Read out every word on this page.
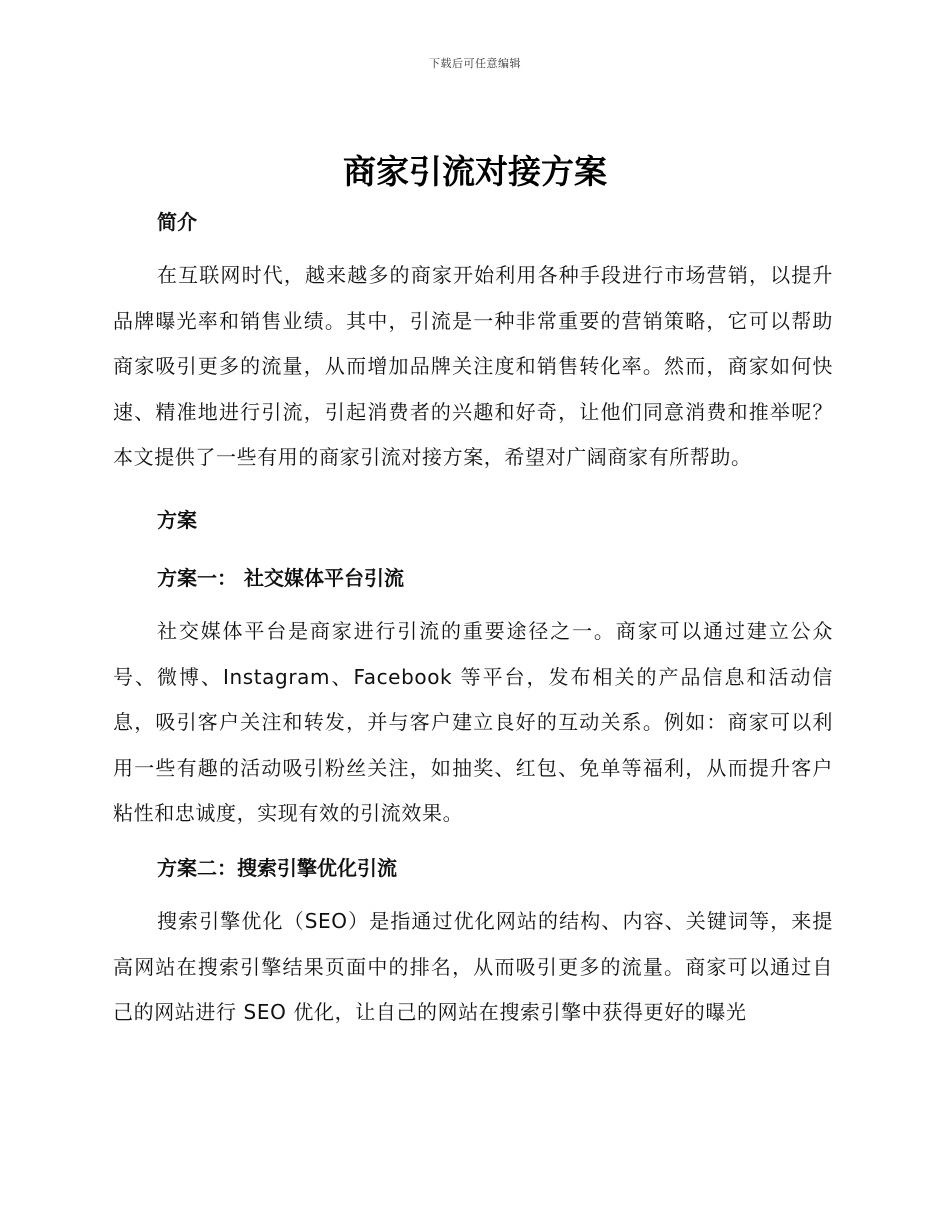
下载后可任意编辑
商家引流对接方案

简介

在互联网时代，越来越多的商家开始利用各种手段进行市场营销，以提升品牌曝光率和销售业绩。其中，引流是一种非常重要的营销策略，它可以帮助商家吸引更多的流量，从而增加品牌关注度和销售转化率。然而，商家如何快速、精准地进行引流，引起消费者的兴趣和好奇，让他们同意消费和推举呢？本文提供了一些有用的商家引流对接方案，希望对广阔商家有所帮助。

方案

方案一： 社交媒体平台引流

社交媒体平台是商家进行引流的重要途径之一。商家可以通过建立公众号、微博、Instagram、Facebook 等平台，发布相关的产品信息和活动信息，吸引客户关注和转发，并与客户建立良好的互动关系。例如：商家可以利用一些有趣的活动吸引粉丝关注，如抽奖、红包、免单等福利，从而提升客户粘性和忠诚度，实现有效的引流效果。

方案二：搜索引擎优化引流

搜索引擎优化（SEO）是指通过优化网站的结构、内容、关键词等，来提高网站在搜索引擎结果页面中的排名，从而吸引更多的流量。商家可以通过自己的网站进行 SEO 优化，让自己的网站在搜索引擎中获得更好的曝光
